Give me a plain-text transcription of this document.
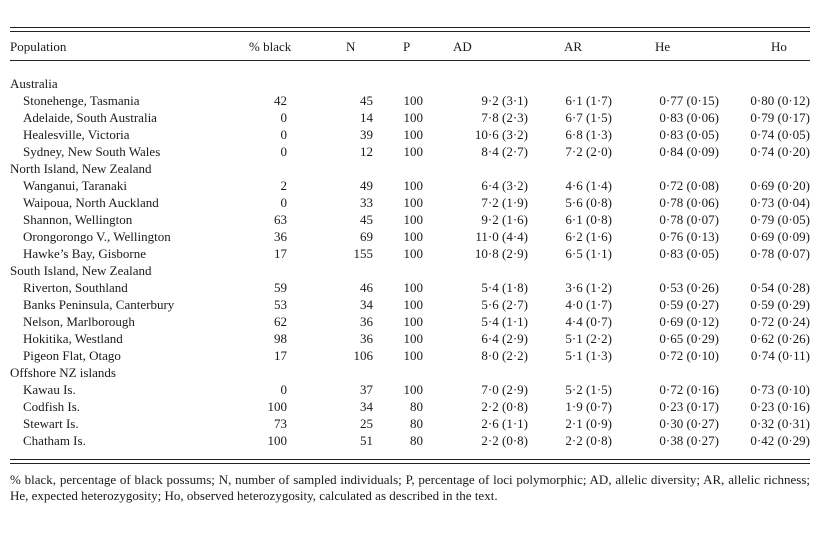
Population	% black	N	P	AD	AR	He	Ho

Australia							
Stonehenge, Tasmania	42	45	100	9·2 (3·1)	6·1 (1·7)	0·77 (0·15)	0·80 (0·12)
Adelaide, South Australia	0	14	100	7·8 (2·3)	6·7 (1·5)	0·83 (0·06)	0·79 (0·17)
Healesville, Victoria	0	39	100	10·6 (3·2)	6·8 (1·3)	0·83 (0·05)	0·74 (0·05)
Sydney, New South Wales	0	12	100	8·4 (2·7)	7·2 (2·0)	0·84 (0·09)	0·74 (0·20)
North Island, New Zealand							
Wanganui, Taranaki	2	49	100	6·4 (3·2)	4·6 (1·4)	0·72 (0·08)	0·69 (0·20)
Waipoua, North Auckland	0	33	100	7·2 (1·9)	5·6 (0·8)	0·78 (0·06)	0·73 (0·04)
Shannon, Wellington	63	45	100	9·2 (1·6)	6·1 (0·8)	0·78 (0·07)	0·79 (0·05)
Orongorongo V., Wellington	36	69	100	11·0 (4·4)	6·2 (1·6)	0·76 (0·13)	0·69 (0·09)
Hawke’s Bay, Gisborne	17	155	100	10·8 (2·9)	6·5 (1·1)	0·83 (0·05)	0·78 (0·07)
South Island, New Zealand							
Riverton, Southland	59	46	100	5·4 (1·8)	3·6 (1·2)	0·53 (0·26)	0·54 (0·28)
Banks Peninsula, Canterbury	53	34	100	5·6 (2·7)	4·0 (1·7)	0·59 (0·27)	0·59 (0·29)
Nelson, Marlborough	62	36	100	5·4 (1·1)	4·4 (0·7)	0·69 (0·12)	0·72 (0·24)
Hokitika, Westland	98	36	100	6·4 (2·9)	5·1 (2·2)	0·65 (0·29)	0·62 (0·26)
Pigeon Flat, Otago	17	106	100	8·0 (2·2)	5·1 (1·3)	0·72 (0·10)	0·74 (0·11)
Offshore NZ islands							
Kawau Is.	0	37	100	7·0 (2·9)	5·2 (1·5)	0·72 (0·16)	0·73 (0·10)
Codfish Is.	100	34	80	2·2 (0·8)	1·9 (0·7)	0·23 (0·17)	0·23 (0·16)
Stewart Is.	73	25	80	2·6 (1·1)	2·1 (0·9)	0·30 (0·27)	0·32 (0·31)
Chatham Is.	100	51	80	2·2 (0·8)	2·2 (0·8)	0·38 (0·27)	0·42 (0·29)
% black, percentage of black possums; N, number of sampled individuals; P, percentage of loci polymorphic; AD, allelic diversity; AR, allelic richness; He, expected heterozygosity; Ho, observed heterozygosity, calculated as described in the text.
